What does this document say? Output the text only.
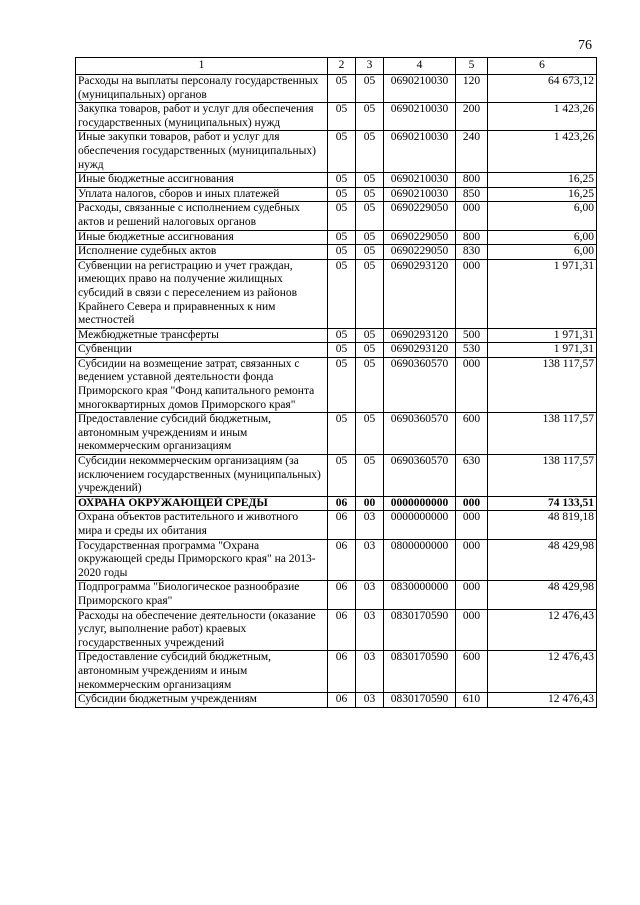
76
1	2	3	4	5	6
Расходы на выплаты персоналу государственных (муниципальных) органов	05	05	0690210030	120	64 673,12
Закупка товаров, работ и услуг для обеспечения государственных (муниципальных) нужд	05	05	0690210030	200	1 423,26
Иные закупки товаров, работ и услуг для обеспечения государственных (муниципальных) нужд	05	05	0690210030	240	1 423,26
Иные бюджетные ассигнования	05	05	0690210030	800	16,25
Уплата налогов, сборов и иных платежей	05	05	0690210030	850	16,25
Расходы, связанные с исполнением судебных актов и решений налоговых органов	05	05	0690229050	000	6,00
Иные бюджетные ассигнования	05	05	0690229050	800	6,00
Исполнение судебных актов	05	05	0690229050	830	6,00
Субвенции на регистрацию и учет граждан, имеющих право на получение жилищных субсидий в связи с переселением из районов Крайнего Севера и приравненных к ним местностей	05	05	0690293120	000	1 971,31
Межбюджетные трансферты	05	05	0690293120	500	1 971,31
Субвенции	05	05	0690293120	530	1 971,31
Субсидии на возмещение затрат, связанных с ведением уставной деятельности фонда Приморского края "Фонд капитального ремонта многоквартирных домов Приморского края"	05	05	0690360570	000	138 117,57
Предоставление субсидий бюджетным, автономным учреждениям и иным некоммерческим организациям	05	05	0690360570	600	138 117,57
Субсидии некоммерческим организациям (за исключением государственных (муниципальных) учреждений)	05	05	0690360570	630	138 117,57
ОХРАНА ОКРУЖАЮЩЕЙ СРЕДЫ	06	00	0000000000	000	74 133,51
Охрана объектов растительного и животного мира и среды их обитания	06	03	0000000000	000	48 819,18
Государственная программа "Охрана окружающей среды Приморского края" на 2013-2020 годы	06	03	0800000000	000	48 429,98
Подпрограмма "Биологическое разнообразие Приморского края"	06	03	0830000000	000	48 429,98
Расходы на обеспечение деятельности (оказание услуг, выполнение работ) краевых государственных учреждений	06	03	0830170590	000	12 476,43
Предоставление субсидий бюджетным, автономным учреждениям и иным некоммерческим организациям	06	03	0830170590	600	12 476,43
Субсидии бюджетным учреждениям	06	03	0830170590	610	12 476,43
